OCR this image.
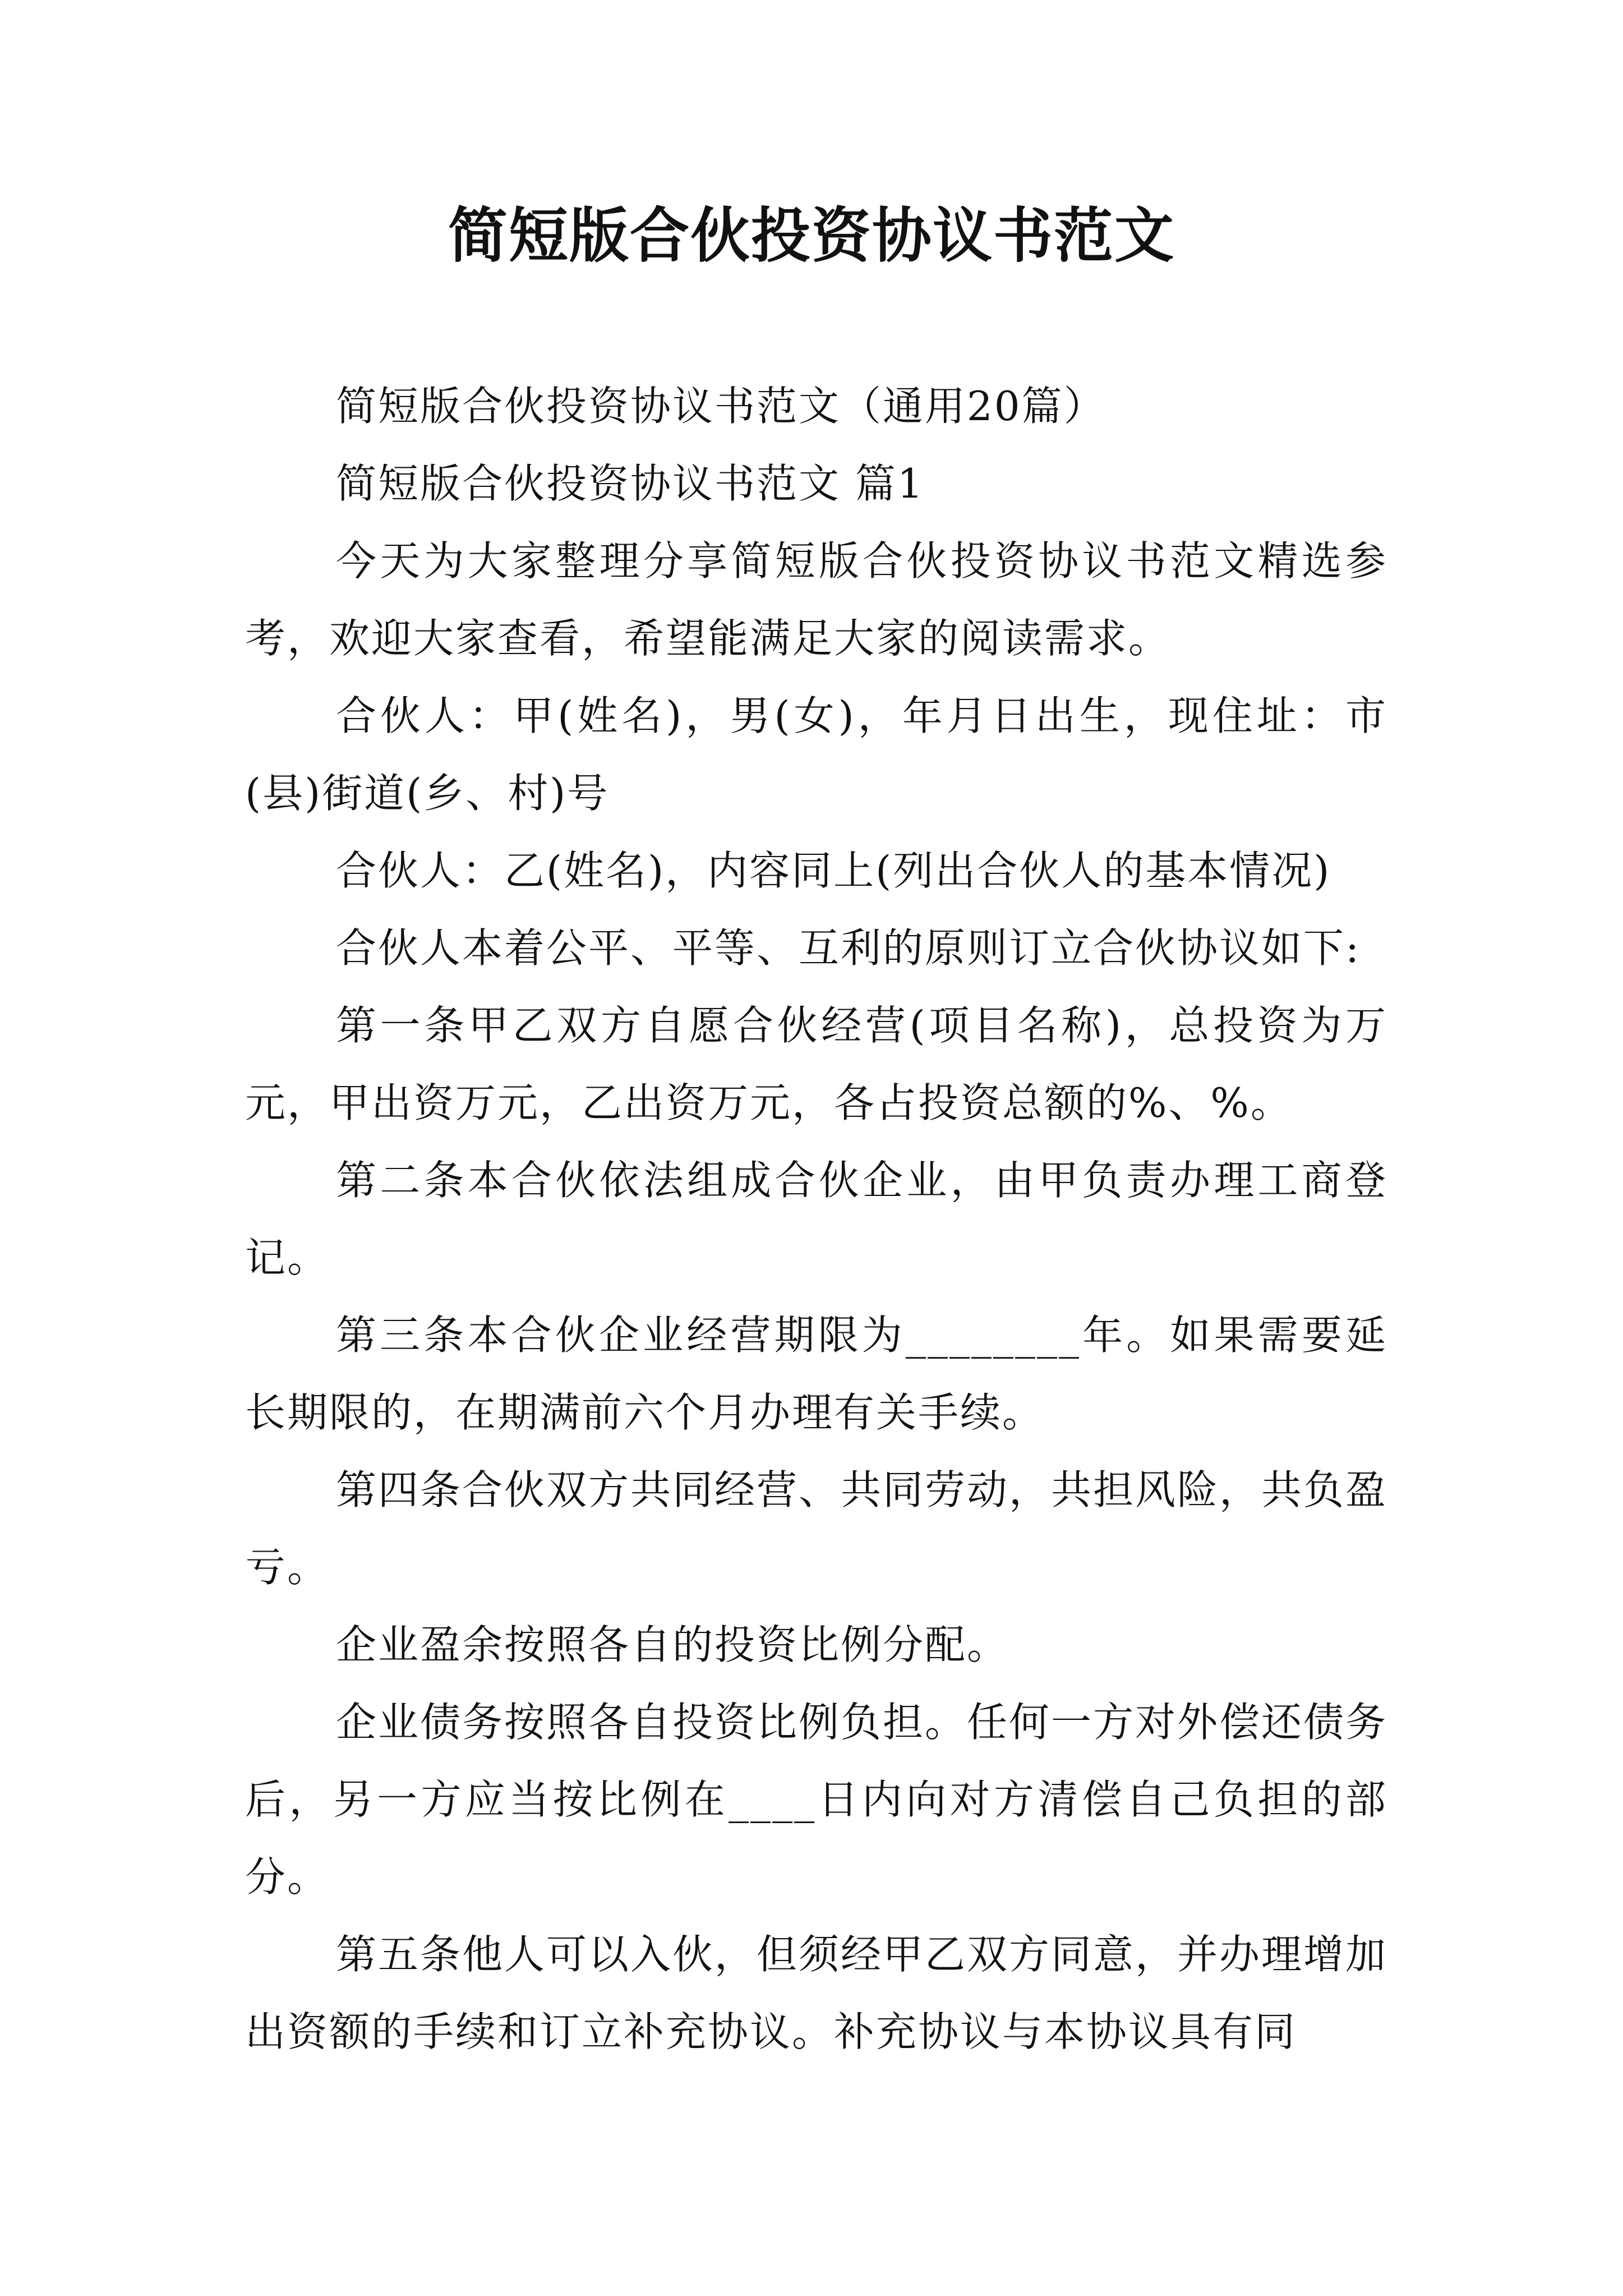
简短版合伙投资协议书范文

简短版合伙投资协议书范文（通用20篇）

简短版合伙投资协议书范文 篇1

今天为大家整理分享简短版合伙投资协议书范文精选参考，欢迎大家查看，希望能满足大家的阅读需求。

合伙人：甲(姓名)，男(女)，年月日出生，现住址：市(县)街道(乡、村)号

合伙人：乙(姓名)，内容同上(列出合伙人的基本情况)

合伙人本着公平、平等、互利的原则订立合伙协议如下:

第一条甲乙双方自愿合伙经营(项目名称)，总投资为万元，甲出资万元，乙出资万元，各占投资总额的%、%。

第二条本合伙依法组成合伙企业，由甲负责办理工商登记。

第三条本合伙企业经营期限为________年。如果需要延长期限的，在期满前六个月办理有关手续。

第四条合伙双方共同经营、共同劳动，共担风险，共负盈亏。

企业盈余按照各自的投资比例分配。

企业债务按照各自投资比例负担。任何一方对外偿还债务后，另一方应当按比例在____日内向对方清偿自己负担的部分。

第五条他人可以入伙，但须经甲乙双方同意，并办理增加出资额的手续和订立补充协议。补充协议与本协议具有同
